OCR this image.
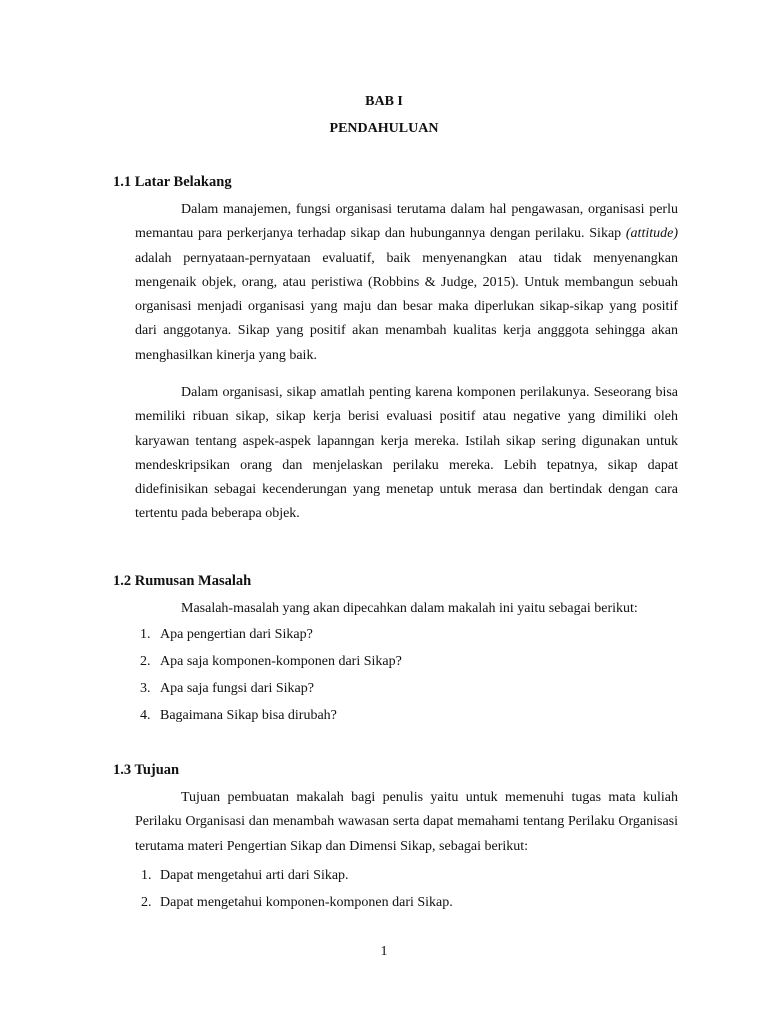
BAB I
PENDAHULUAN
1.1 Latar Belakang

Dalam manajemen, fungsi organisasi terutama dalam hal pengawasan, organisasi perlu memantau para perkerjanya terhadap sikap dan hubungannya dengan perilaku. Sikap (attitude) adalah pernyataan-pernyataan evaluatif, baik menyenangkan atau tidak menyenangkan mengenaik objek, orang, atau peristiwa (Robbins & Judge, 2015). Untuk membangun sebuah organisasi menjadi organisasi yang maju dan besar maka diperlukan sikap-sikap yang positif dari anggotanya. Sikap yang positif akan menambah kualitas kerja angggota sehingga akan menghasilkan kinerja yang baik.

Dalam organisasi, sikap amatlah penting karena komponen perilakunya. Seseorang bisa memiliki ribuan sikap, sikap kerja berisi evaluasi positif atau negative yang dimiliki oleh karyawan tentang aspek-aspek lapanngan kerja mereka. Istilah sikap sering digunakan untuk mendeskripsikan orang dan menjelaskan perilaku mereka. Lebih tepatnya, sikap dapat didefinisikan sebagai kecenderungan yang menetap untuk merasa dan bertindak dengan cara tertentu pada beberapa objek.

1.2 Rumusan Masalah

Masalah-masalah yang akan dipecahkan dalam makalah ini yaitu sebagai berikut:

1. Apa pengertian dari Sikap?
2. Apa saja komponen-komponen dari Sikap?
3. Apa saja fungsi dari Sikap?
4. Bagaimana Sikap bisa dirubah?
1.3 Tujuan

Tujuan pembuatan makalah bagi penulis yaitu untuk memenuhi tugas mata kuliah Perilaku Organisasi dan menambah wawasan serta dapat memahami tentang Perilaku Organisasi terutama materi Pengertian Sikap dan Dimensi Sikap, sebagai berikut:

1. Dapat mengetahui arti dari Sikap.
2. Dapat mengetahui komponen-komponen dari Sikap.
1
